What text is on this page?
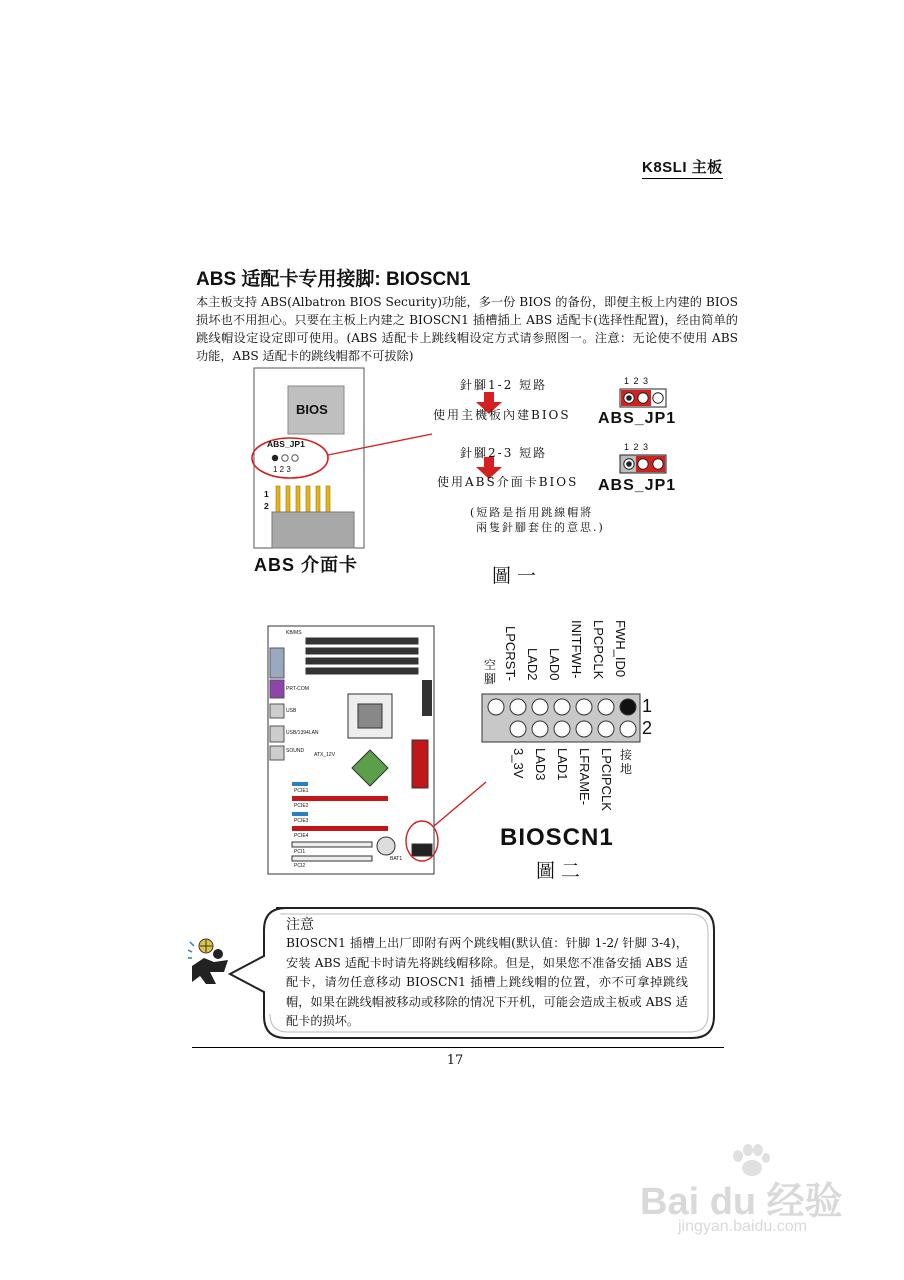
K8SLI 主板
ABS 适配卡专用接脚: BIOSCN1
本主板支持 ABS(Albatron BIOS Security)功能，多一份 BIOS 的备份，即便主板上内建的 BIOS 损坏也不用担心。只要在主板上内建之 BIOSCN1 插槽插上 ABS 适配卡(选择性配置)，经由简单的跳线帽设定设定即可使用。(ABS 适配卡上跳线帽设定方式请参照图一。注意：无论使不使用 ABS 功能，ABS 适配卡的跳线帽都不可拔除)
BIOS
ABS_JP1
1 2 3
1
2
ABS 介面卡
針腳1-2 短路
使用主機板內建BIOS
針腳2-3 短路
使用ABS介面卡BIOS
(短路是指用跳線帽將
兩隻針腳套住的意思.)
1 2 3
ABS_JP1
1 2 3
ABS_JP1
圖一
KB/MS
PRT-COM
USB
USB/1394LAN
SOUND
PCIE1
PCIE2
PCIE3
PCIE4
PCI1
PCI2
ATX_12V
BAT1
空腳 LPCRST- LAD2 LAD0 INITFWH- LPCPCLK FWH_ID0
3_3V LAD3 LAD1 LFRAME- LPCIPCLK 接地
1
2
BIOSCN1
圖二
注意
BIOSCN1 插槽上出厂即附有两个跳线帽(默认值：针脚 1-2/ 针脚 3-4)，安装 ABS 适配卡时请先将跳线帽移除。但是，如果您不准备安插 ABS 适配卡，请勿任意移动 BIOSCN1 插槽上跳线帽的位置，亦不可拿掉跳线帽，如果在跳线帽被移动或移除的情况下开机，可能会造成主板或 ABS 适配卡的损坏。
17
Bai du 经验
jingyan.baidu.com
